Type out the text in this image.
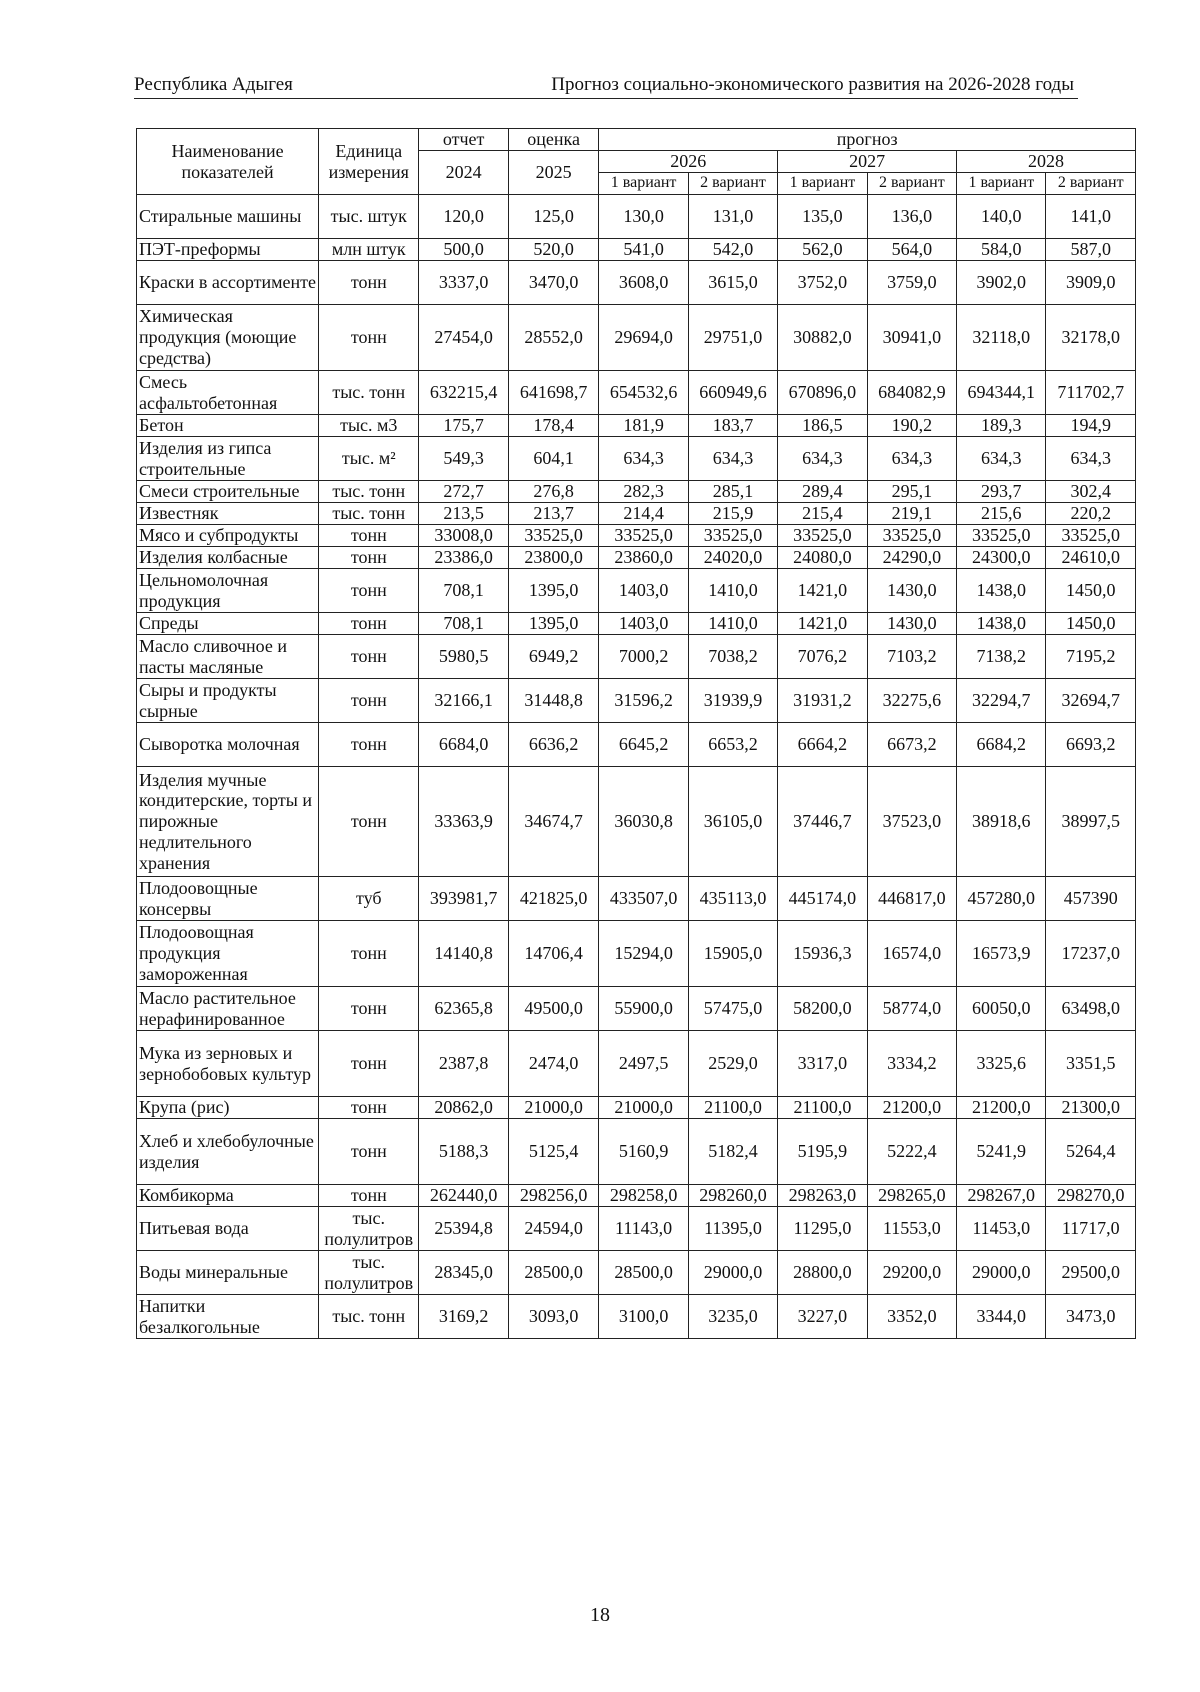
Республика Адыгея	Прогноз социально-экономического развития на 2026-2028 годы
Наименование показателей	Единица измерения	отчет	оценка	прогноз					
		2024	2025	2026		2027		2028	
				1 вариант	2 вариант	1 вариант	2 вариант	1 вариант	2 вариант
Стиральные машины	тыс. штук	120,0	125,0	130,0	131,0	135,0	136,0	140,0	141,0
ПЭТ-преформы	млн штук	500,0	520,0	541,0	542,0	562,0	564,0	584,0	587,0
Краски в ассортименте	тонн	3337,0	3470,0	3608,0	3615,0	3752,0	3759,0	3902,0	3909,0
Химическая продукция (моющие средства)	тонн	27454,0	28552,0	29694,0	29751,0	30882,0	30941,0	32118,0	32178,0
Смесь асфальтобетонная	тыс. тонн	632215,4	641698,7	654532,6	660949,6	670896,0	684082,9	694344,1	711702,7
Бетон	тыс. м3	175,7	178,4	181,9	183,7	186,5	190,2	189,3	194,9
Изделия из гипса строительные	тыс. м²	549,3	604,1	634,3	634,3	634,3	634,3	634,3	634,3
Смеси строительные	тыс. тонн	272,7	276,8	282,3	285,1	289,4	295,1	293,7	302,4
Известняк	тыс. тонн	213,5	213,7	214,4	215,9	215,4	219,1	215,6	220,2
Мясо и субпродукты	тонн	33008,0	33525,0	33525,0	33525,0	33525,0	33525,0	33525,0	33525,0
Изделия колбасные	тонн	23386,0	23800,0	23860,0	24020,0	24080,0	24290,0	24300,0	24610,0
Цельномолочная продукция	тонн	708,1	1395,0	1403,0	1410,0	1421,0	1430,0	1438,0	1450,0
Спреды	тонн	708,1	1395,0	1403,0	1410,0	1421,0	1430,0	1438,0	1450,0
Масло сливочное и пасты масляные	тонн	5980,5	6949,2	7000,2	7038,2	7076,2	7103,2	7138,2	7195,2
Сыры и продукты сырные	тонн	32166,1	31448,8	31596,2	31939,9	31931,2	32275,6	32294,7	32694,7
Сыворотка молочная	тонн	6684,0	6636,2	6645,2	6653,2	6664,2	6673,2	6684,2	6693,2
Изделия мучные кондитерские, торты и пирожные недлительного хранения	тонн	33363,9	34674,7	36030,8	36105,0	37446,7	37523,0	38918,6	38997,5
Плодоовощные консервы	туб	393981,7	421825,0	433507,0	435113,0	445174,0	446817,0	457280,0	457390
Плодоовощная продукция замороженная	тонн	14140,8	14706,4	15294,0	15905,0	15936,3	16574,0	16573,9	17237,0
Масло растительное нерафинированное	тонн	62365,8	49500,0	55900,0	57475,0	58200,0	58774,0	60050,0	63498,0
Мука из зерновых и зернобобовых культур	тонн	2387,8	2474,0	2497,5	2529,0	3317,0	3334,2	3325,6	3351,5
Крупа (рис)	тонн	20862,0	21000,0	21000,0	21100,0	21100,0	21200,0	21200,0	21300,0
Хлеб и хлебобулочные изделия	тонн	5188,3	5125,4	5160,9	5182,4	5195,9	5222,4	5241,9	5264,4
Комбикорма	тонн	262440,0	298256,0	298258,0	298260,0	298263,0	298265,0	298267,0	298270,0
Питьевая вода	тыс. полулитров	25394,8	24594,0	11143,0	11395,0	11295,0	11553,0	11453,0	11717,0
Воды минеральные	тыс. полулитров	28345,0	28500,0	28500,0	29000,0	28800,0	29200,0	29000,0	29500,0
Напитки безалкогольные	тыс. тонн	3169,2	3093,0	3100,0	3235,0	3227,0	3352,0	3344,0	3473,0
18
